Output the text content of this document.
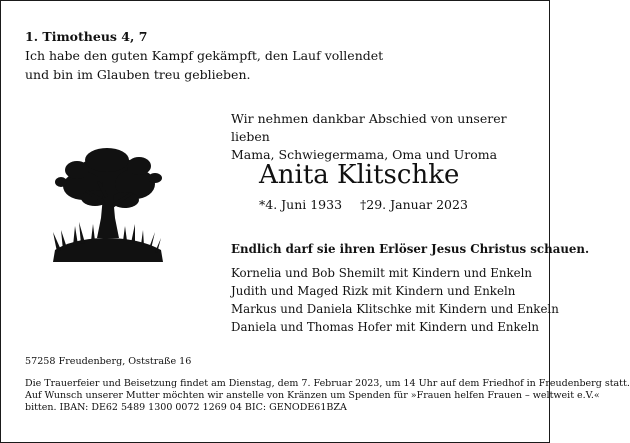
1. Timotheus 4, 7
Ich habe den guten Kampf gekämpft, den Lauf vollendet
und bin im Glauben treu geblieben.
Wir nehmen dankbar Abschied von unserer lieben
Mama, Schwiegermama, Oma und Uroma
Anita Klitschke
*4. Juni 1933 †29. Januar 2023
Endlich darf sie ihren Erlöser Jesus Christus schauen.
Kornelia und Bob Shemilt mit Kindern und Enkeln
Judith und Maged Rizk mit Kindern und Enkeln
Markus und Daniela Klitschke mit Kindern und Enkeln
Daniela und Thomas Hofer mit Kindern und Enkeln
57258 Freudenberg, Oststraße 16
Die Trauerfeier und Beisetzung findet am Dienstag, dem 7. Februar 2023, um 14 Uhr auf dem Friedhof in Freudenberg statt.
Auf Wunsch unserer Mutter möchten wir anstelle von Kränzen um Spenden für »Frauen helfen Frauen – weltweit e.V.«
bitten. IBAN: DE62 5489 1300 0072 1269 04 BIC: GENODE61BZA
